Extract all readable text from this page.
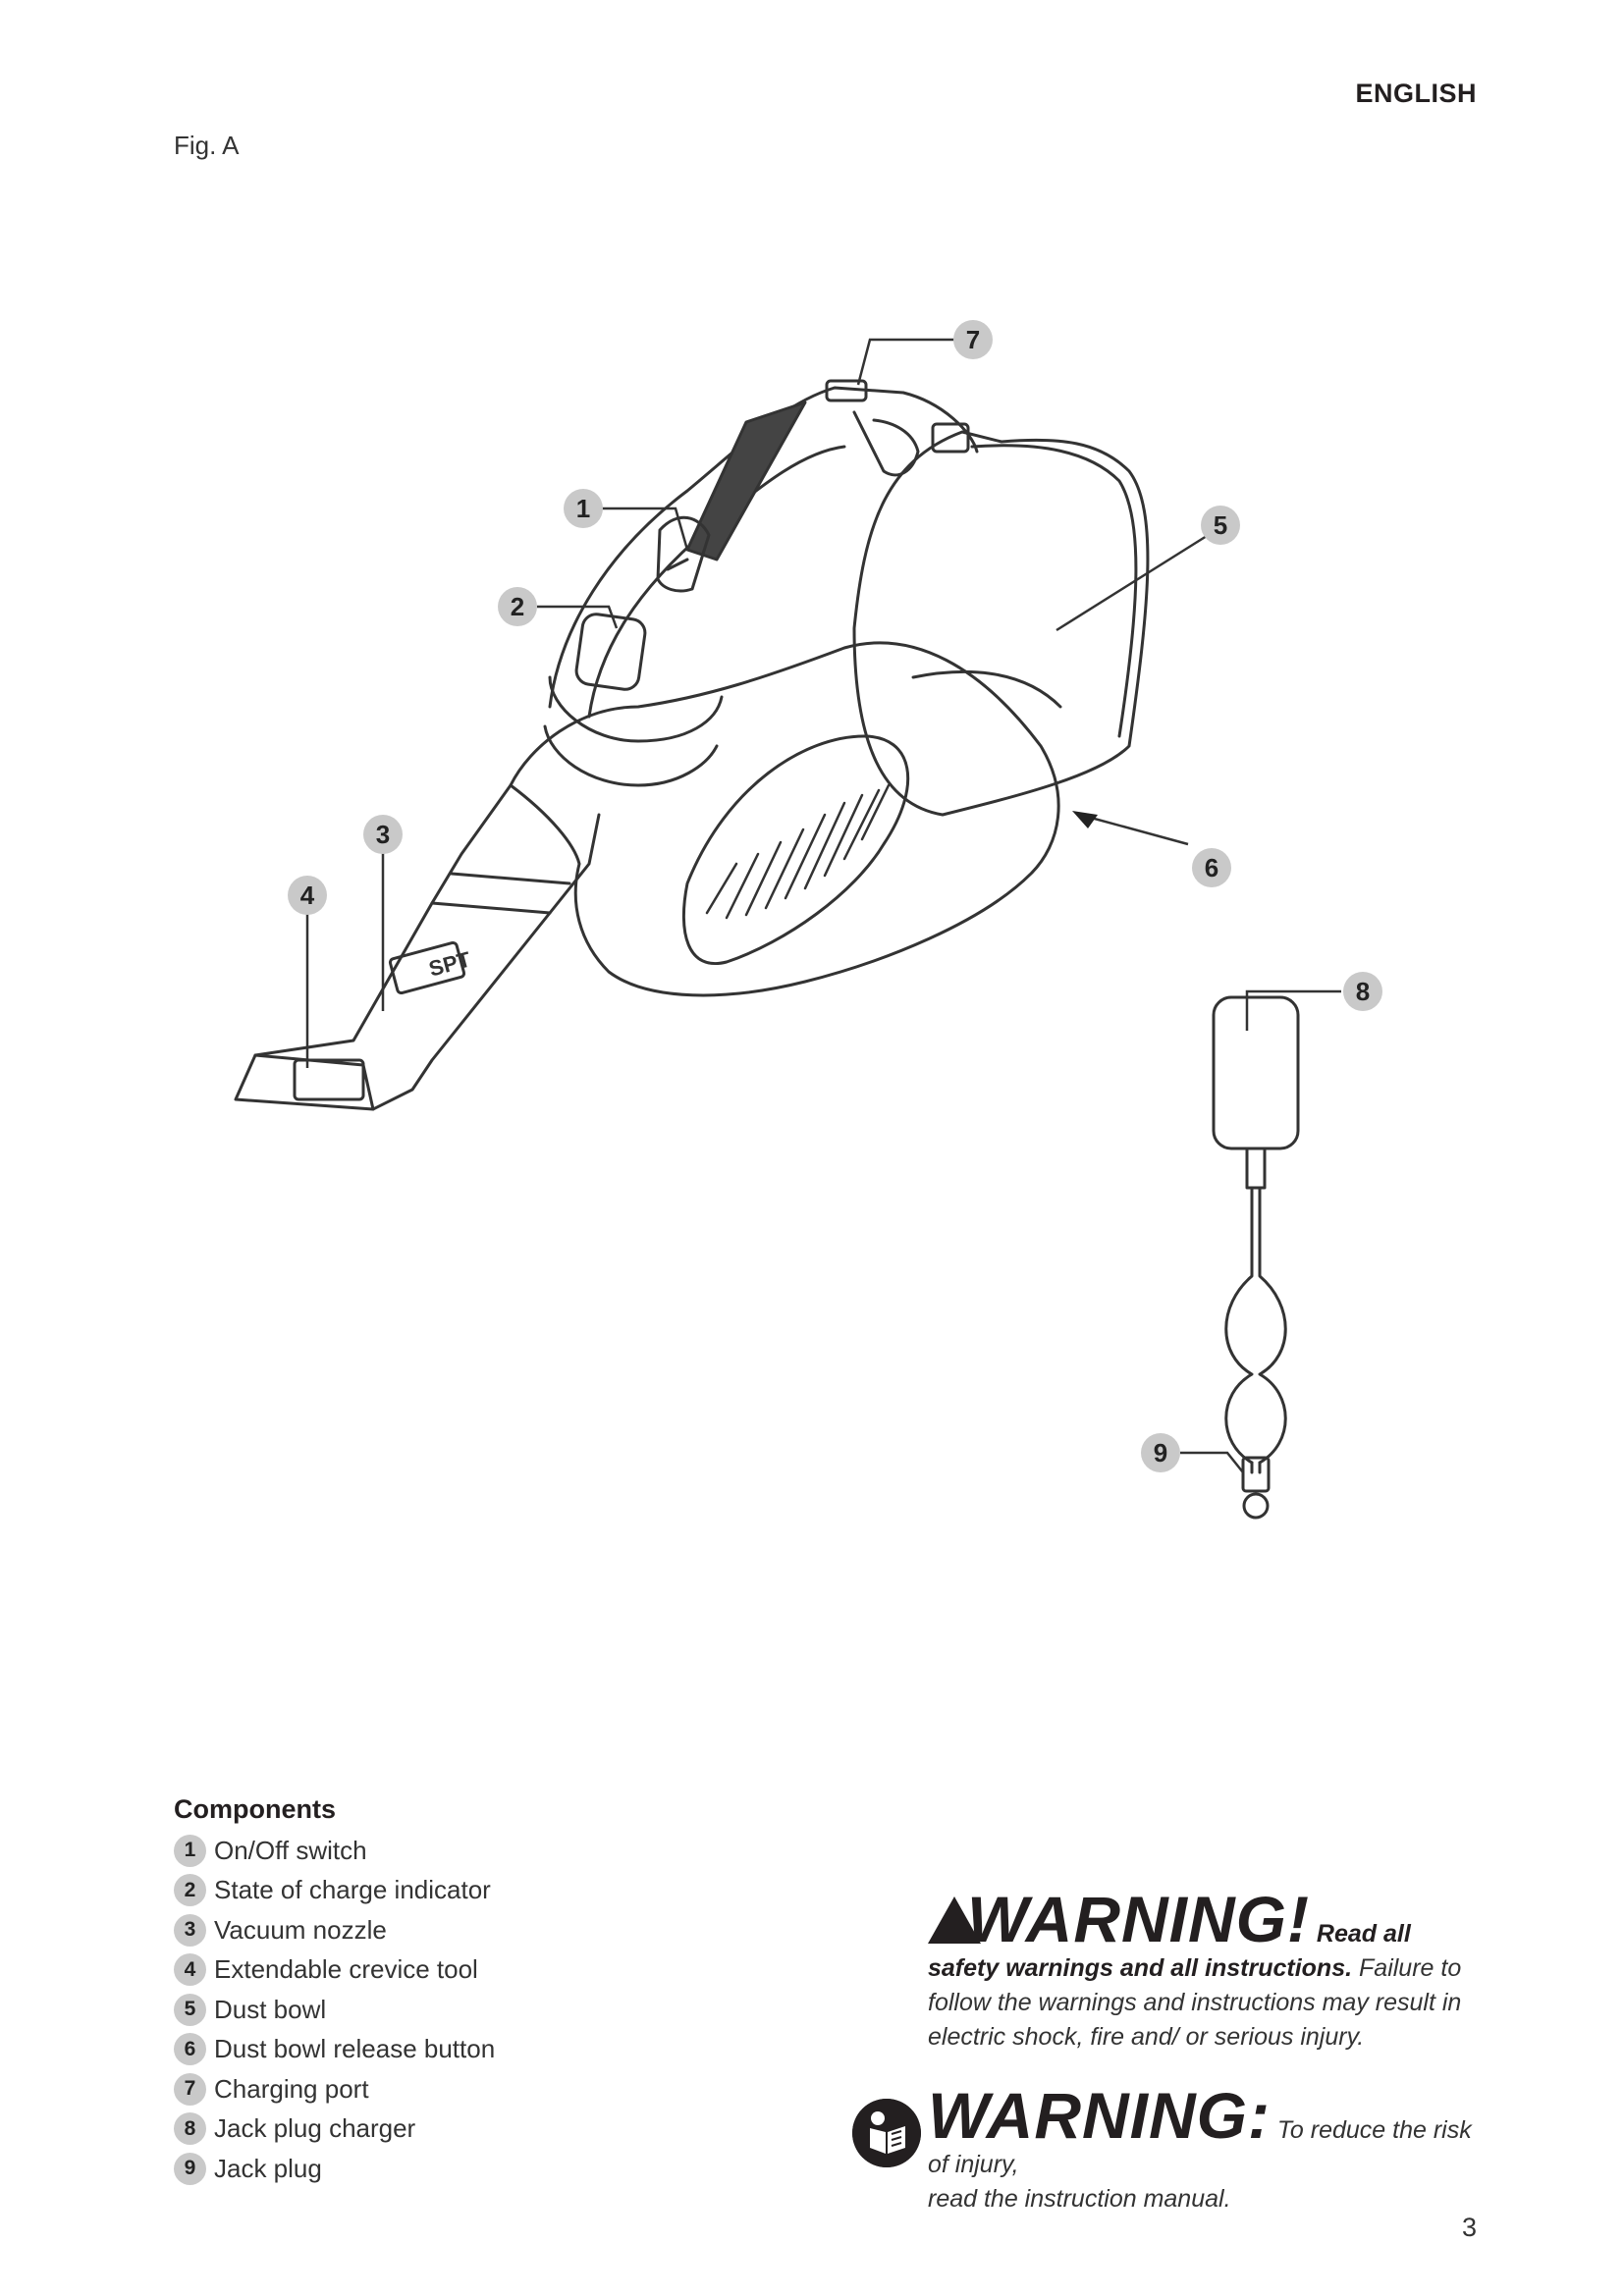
ENGLISH
Fig. A
SPT
1
2
3
4
5
6
7
8
9
Components
1 On/Off switch
2 State of charge indicator
3 Vacuum nozzle
4 Extendable crevice tool
5 Dust bowl
6 Dust bowl release button
7 Charging port
8 Jack plug charger
9 Jack plug
WARNING! Read all safety warnings and all instructions. Failure to follow the warnings and instructions may result in electric shock, fire and/ or serious injury.
WARNING: To reduce the risk of injury,
read the instruction manual.
3
